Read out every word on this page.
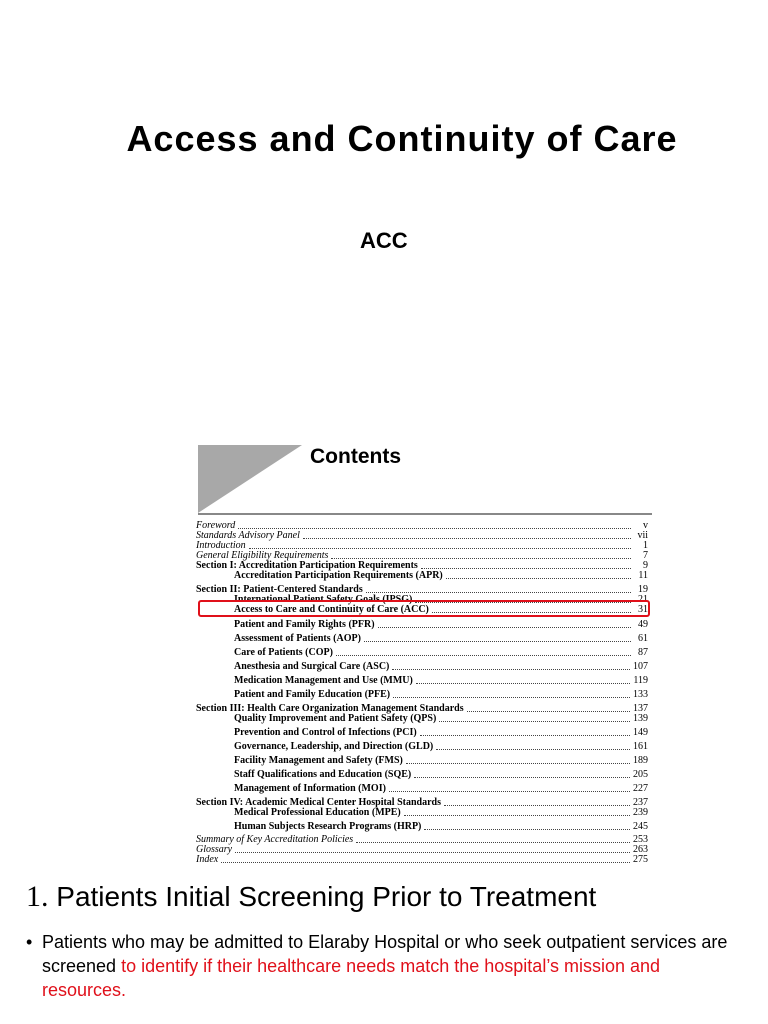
Access and Continuity of Care
ACC
Contents
Foreword	v
Standards Advisory Panel	vii
Introduction	1
General Eligibility Requirements	7
Section I: Accreditation Participation Requirements	9
Accreditation Participation Requirements (APR)	11
Section II: Patient-Centered Standards	19
International Patient Safety Goals (IPSG)	21
Access to Care and Continuity of Care (ACC)	31
Patient and Family Rights (PFR)	49
Assessment of Patients (AOP)	61
Care of Patients (COP)	87
Anesthesia and Surgical Care (ASC)	107
Medication Management and Use (MMU)	119
Patient and Family Education (PFE)	133
Section III: Health Care Organization Management Standards	137
Quality Improvement and Patient Safety (QPS)	139
Prevention and Control of Infections (PCI)	149
Governance, Leadership, and Direction (GLD)	161
Facility Management and Safety (FMS)	189
Staff Qualifications and Education (SQE)	205
Management of Information (MOI)	227
Section IV: Academic Medical Center Hospital Standards	237
Medical Professional Education (MPE)	239
Human Subjects Research Programs (HRP)	245
Summary of Key Accreditation Policies	253
Glossary	263
Index	275
1. Patients Initial Screening Prior to Treatment
• Patients who may be admitted to Elaraby Hospital or who seek outpatient services are screened to identify if their healthcare needs match the hospital’s mission and resources.
